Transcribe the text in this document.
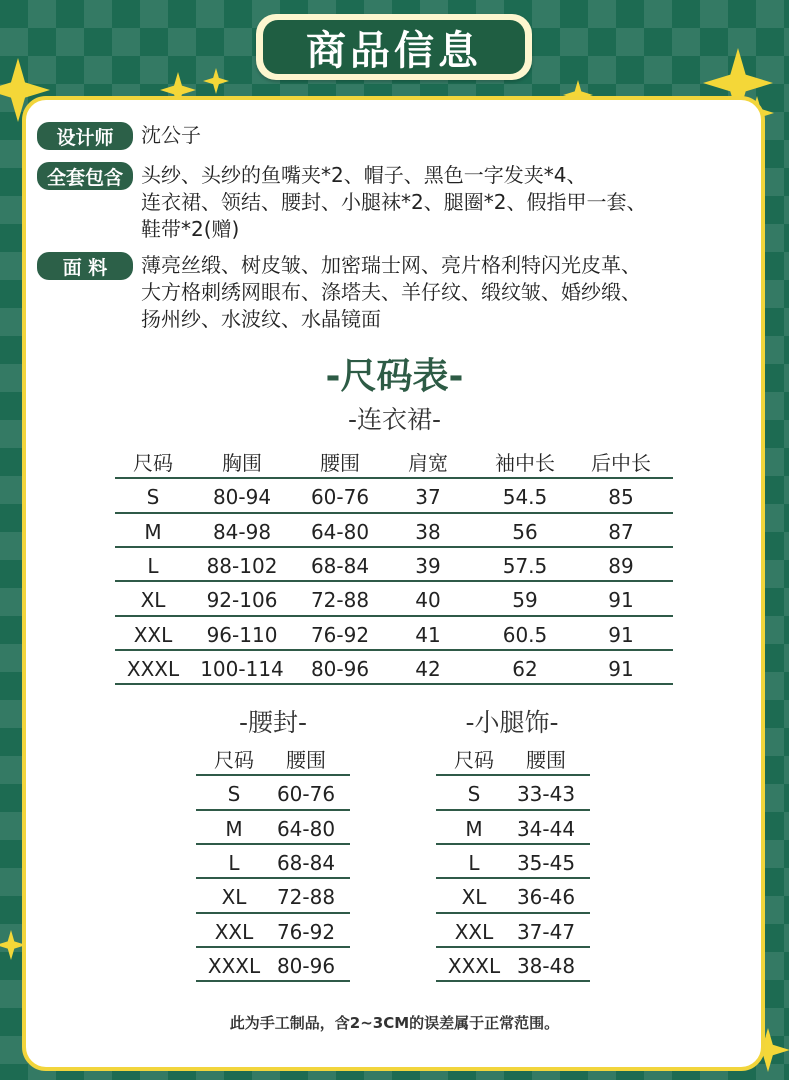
商品信息
设计师	沈公子
全套包含 头纱、头纱的鱼嘴夹*2、帽子、黑色一字发夹*4、
连衣裙、领结、腰封、小腿袜*2、腿圈*2、假指甲一套、
鞋带*2(赠)
面 料	薄亮丝缎、树皮皱、加密瑞士网、亮片格利特闪光皮革、
大方格刺绣网眼布、涤塔夫、羊仔纹、缎纹皱、婚纱缎、
扬州纱、水波纹、水晶镜面
-尺码表-
-连衣裙-
-腰封-	-小腿饰-
此为手工制品，含2~3CM的误差属于正常范围。
尺码	胸围	腰围	肩宽	袖中长	后中长
S	80-94	60-76	37	54.5	85
M	84-98	64-80	38	56	87
L	88-102	68-84	39	57.5	89
XL	92-106	72-88	40	59	91
XXL	96-110	76-92	41	60.5	91
XXXL	100-114	80-96	42	62	91
尺码	腰围
S	60-76
M	64-80
L	68-84
XL	72-88
XXL	76-92
XXXL 80-96
尺码	腰围
S	33-43
M	34-44
L	35-45
XL	36-46
XXL	37-47
XXXL 38-48
